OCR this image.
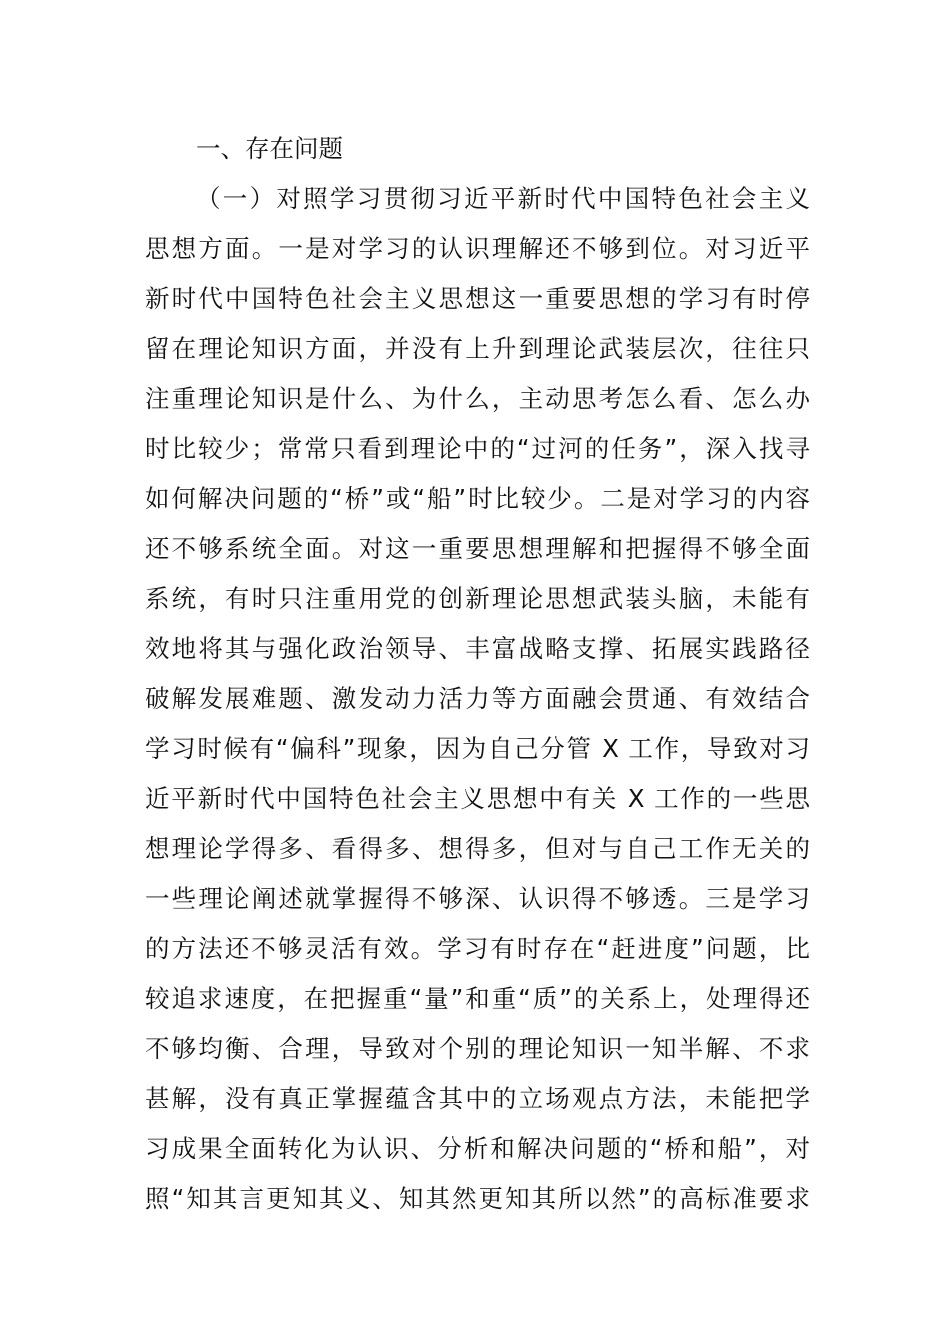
一、存在问题
（一）对照学习贯彻习近平新时代中国特色社会主义
思想方面。一是对学习的认识理解还不够到位。对习近平
新时代中国特色社会主义思想这一重要思想的学习有时停
留在理论知识方面，并没有上升到理论武装层次，往往只
注重理论知识是什么、为什么，主动思考怎么看、怎么办
时比较少；常常只看到理论中的“过河的任务”，深入找寻
如何解决问题的“桥”或“船”时比较少。二是对学习的内容
还不够系统全面。对这一重要思想理解和把握得不够全面
系统，有时只注重用党的创新理论思想武装头脑，未能有
效地将其与强化政治领导、丰富战略支撑、拓展实践路径
破解发展难题、激发动力活力等方面融会贯通、有效结合
学习时候有“偏科”现象，因为自己分管 X 工作，导致对习
近平新时代中国特色社会主义思想中有关 X 工作的一些思
想理论学得多、看得多、想得多，但对与自己工作无关的
一些理论阐述就掌握得不够深、认识得不够透。三是学习
的方法还不够灵活有效。学习有时存在“赶进度”问题，比
较追求速度，在把握重“量”和重“质”的关系上，处理得还
不够均衡、合理，导致对个别的理论知识一知半解、不求
甚解，没有真正掌握蕴含其中的立场观点方法，未能把学
习成果全面转化为认识、分析和解决问题的“桥和船”，对
照“知其言更知其义、知其然更知其所以然”的高标准要求
